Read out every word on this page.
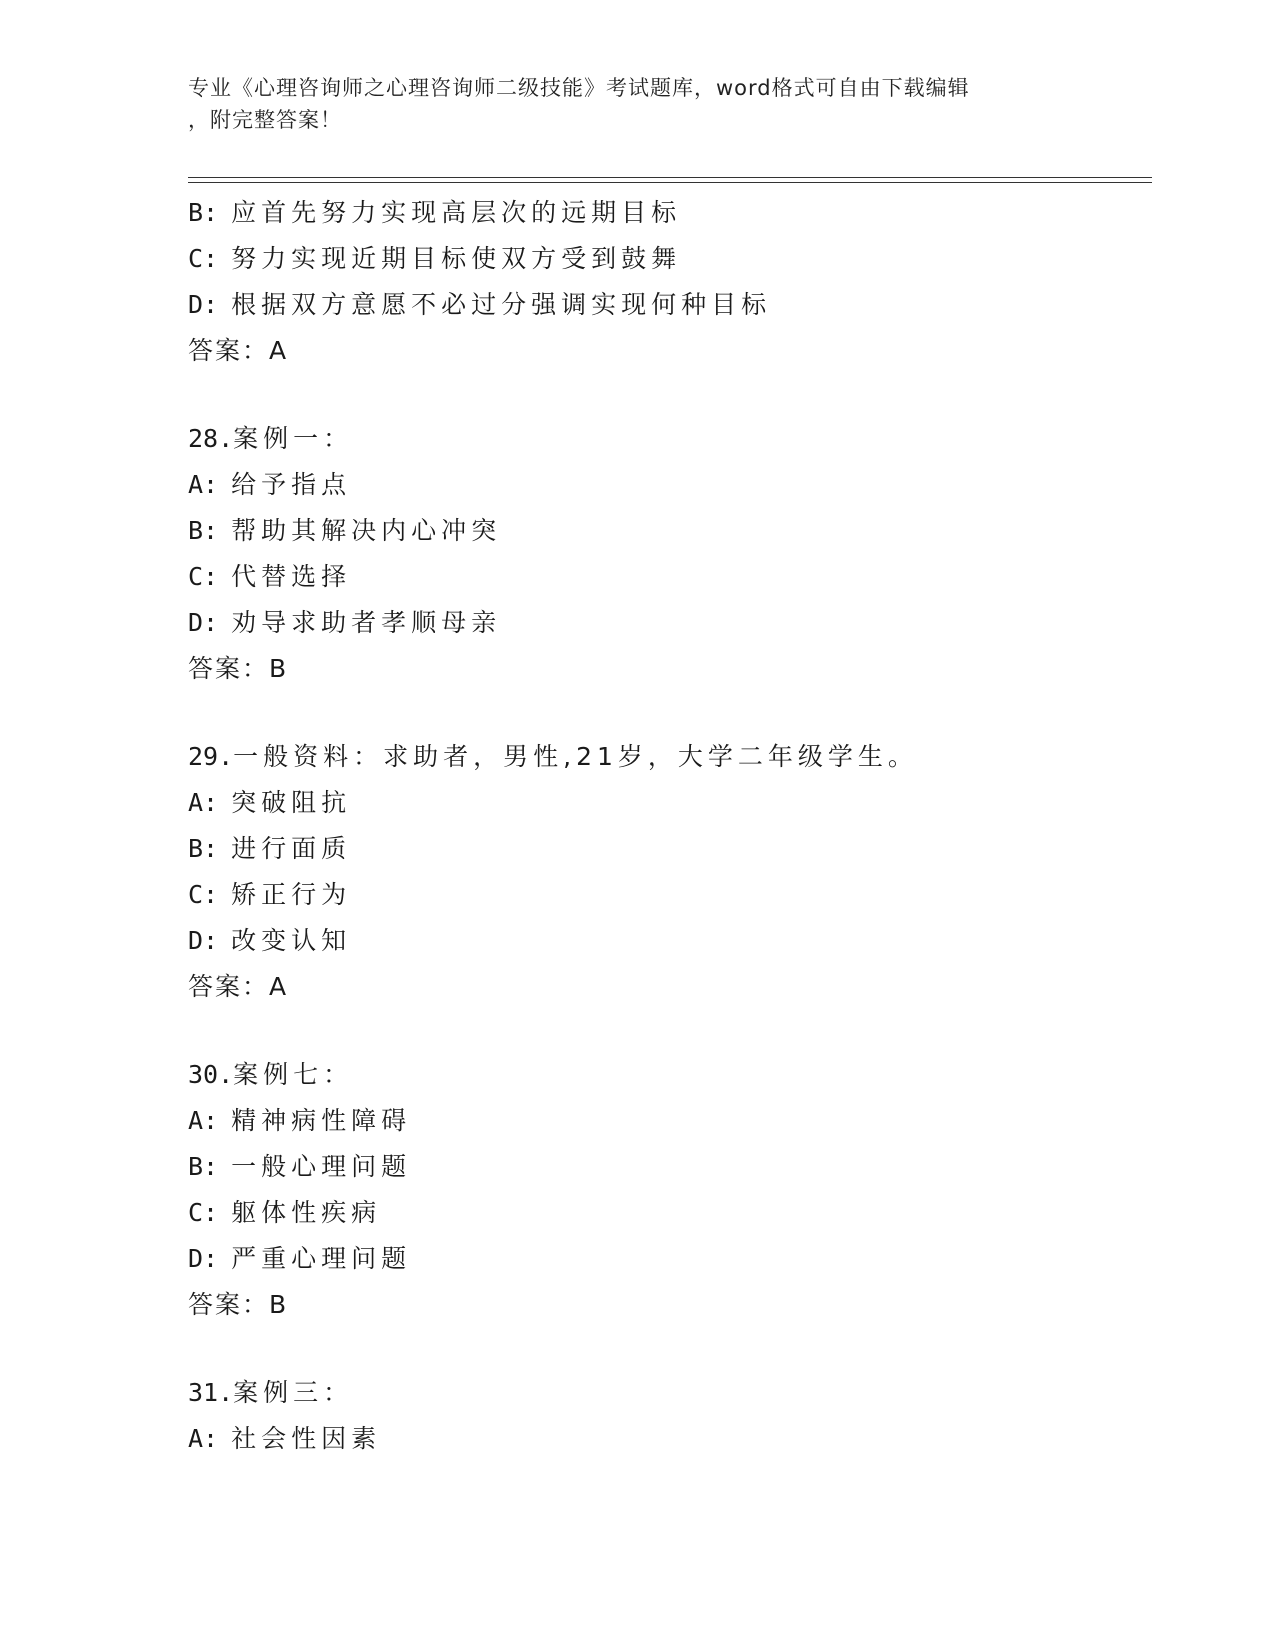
专业《心理咨询师之心理咨询师二级技能》考试题库，word格式可自由下载编辑
，附完整答案！
B: 应首先努力实现高层次的远期目标
C: 努力实现近期目标使双方受到鼓舞
D: 根据双方意愿不必过分强调实现何种目标
答案：A
28.案例一：
A: 给予指点
B: 帮助其解决内心冲突
C: 代替选择
D: 劝导求助者孝顺母亲
答案：B
29.一般资料：求助者，男性,21岁，大学二年级学生。
A: 突破阻抗
B: 进行面质
C: 矫正行为
D: 改变认知
答案：A
30.案例七：
A: 精神病性障碍
B: 一般心理问题
C: 躯体性疾病
D: 严重心理问题
答案：B
31.案例三：
A: 社会性因素
